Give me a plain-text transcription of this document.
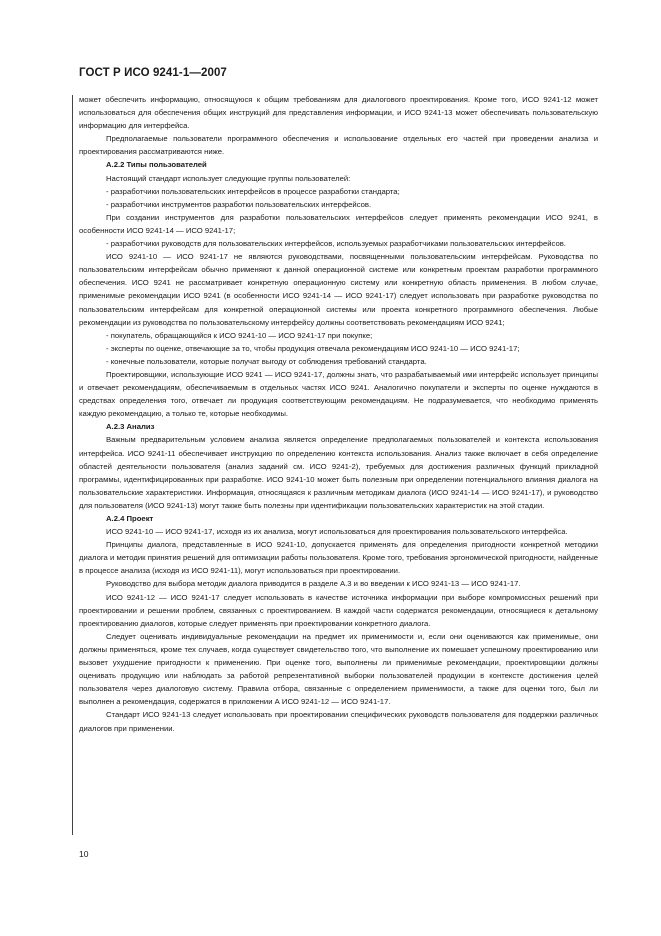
ГОСТ Р ИСО 9241-1—2007

может обеспечить информацию, относящуюся к общим требованиям для диалогового проектирования. Кроме того, ИСО 9241-12 может использоваться для обеспечения общих инструкций для представления информации, и ИСО 9241-13 может обеспечивать пользовательскую информацию для интерфейса.

Предполагаемые пользователи программного обеспечения и использование отдельных его частей при проведении анализа и проектирования рассматриваются ниже.

А.2.2 Типы пользователей

Настоящий стандарт использует следующие группы пользователей:

- разработчики пользовательских интерфейсов в процессе разработки стандарта;

- разработчики инструментов разработки пользовательских интерфейсов.

При создании инструментов для разработки пользовательских интерфейсов следует применять рекомендации ИСО 9241, в особенности ИСО 9241-14 — ИСО 9241-17;

- разработчики руководств для пользовательских интерфейсов, используемых разработчиками пользовательских интерфейсов.

ИСО 9241-10 — ИСО 9241-17 не являются руководствами, посвященными пользовательским интерфейсам. Руководства по пользовательским интерфейсам обычно применяют к данной операционной системе или конкретным проектам разработки программного обеспечения. ИСО 9241 не рассматривает конкретную операционную систему или конкретную область применения. В любом случае, применимые рекомендации ИСО 9241 (в особенности ИСО 9241-14 — ИСО 9241-17) следует использовать при разработке руководства по пользовательским интерфейсам для конкретной операционной системы или проекта конкретного программного обеспечения. Любые рекомендации из руководства по пользовательскому интерфейсу должны соответствовать рекомендациям ИСО 9241;

- покупатель, обращающийся к ИСО 9241-10 — ИСО 9241-17 при покупке;

- эксперты по оценке, отвечающие за то, чтобы продукция отвечала рекомендациям ИСО 9241-10 — ИСО 9241-17;

- конечные пользователи, которые получат выгоду от соблюдения требований стандарта.

Проектировщики, использующие ИСО 9241 — ИСО 9241-17, должны знать, что разрабатываемый ими интерфейс использует принципы и отвечает рекомендациям, обеспечиваемым в отдельных частях ИСО 9241. Аналогично покупатели и эксперты по оценке нуждаются в средствах определения того, отвечает ли продукция соответствующим рекомендациям. Не подразумевается, что необходимо применять каждую рекомендацию, а только те, которые необходимы.

А.2.3 Анализ

Важным предварительным условием анализа является определение предполагаемых пользователей и контекста использования интерфейса. ИСО 9241-11 обеспечивает инструкцию по определению контекста использования. Анализ также включает в себя определение областей деятельности пользователя (анализ заданий см. ИСО 9241-2), требуемых для достижения различных функций прикладной программы, идентифицированных при разработке. ИСО 9241-10 может быть полезным при определении потенциального влияния диалога на пользовательские характеристики. Информация, относящаяся к различным методикам диалога (ИСО 9241-14 — ИСО 9241-17), и руководство для пользователя (ИСО 9241-13) могут также быть полезны при идентификации пользовательских характеристик на этой стадии.

А.2.4 Проект

ИСО 9241-10 — ИСО 9241-17, исходя из их анализа, могут использоваться для проектирования пользовательского интерфейса.

Принципы диалога, представленные в ИСО 9241-10, допускается применять для определения пригодности конкретной методики диалога и методик принятия решений для оптимизации работы пользователя. Кроме того, требования эргономической пригодности, найденные в процессе анализа (исходя из ИСО 9241-11), могут использоваться при проектировании.

Руководство для выбора методик диалога приводится в разделе А.3 и во введении к ИСО 9241-13 — ИСО 9241-17.

ИСО 9241-12 — ИСО 9241-17 следует использовать в качестве источника информации при выборе компромиссных решений при проектировании и решении проблем, связанных с проектированием. В каждой части содержатся рекомендации, относящиеся к детальному проектированию диалогов, которые следует применять при проектировании конкретного диалога.

Следует оценивать индивидуальные рекомендации на предмет их применимости и, если они оцениваются как применимые, они должны применяться, кроме тех случаев, когда существует свидетельство того, что выполнение их помешает успешному проектированию или вызовет ухудшение пригодности к применению. При оценке того, выполнены ли применимые рекомендации, проектировщики должны оценивать продукцию или наблюдать за работой репрезентативной выборки пользователей продукции в контексте достижения целей пользователя через диалоговую систему. Правила отбора, связанные с определением применимости, а также для оценки того, был ли выполнен а рекомендация, содержатся в приложении А ИСО 9241-12 — ИСО 9241-17.

Стандарт ИСО 9241-13 следует использовать при проектировании специфических руководств пользователя для поддержки различных диалогов при применении.

10
